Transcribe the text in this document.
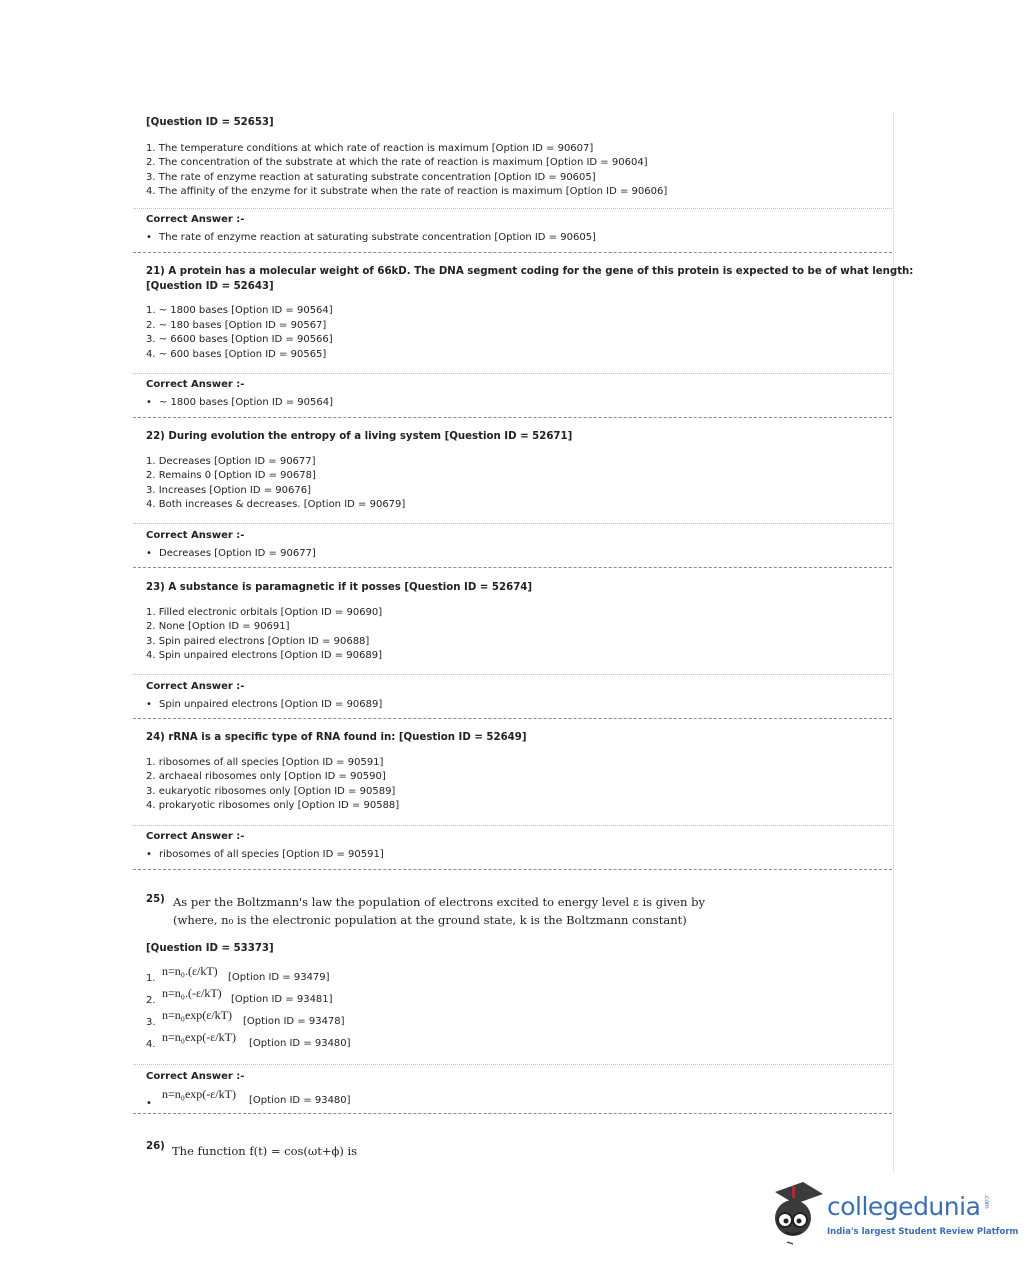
[Question ID = 52653]
1. The temperature conditions at which rate of reaction is maximum [Option ID = 90607]
2. The concentration of the substrate at which the rate of reaction is maximum [Option ID = 90604]
3. The rate of enzyme reaction at saturating substrate concentration [Option ID = 90605]
4. The affinity of the enzyme for it substrate when the rate of reaction is maximum [Option ID = 90606]
Correct Answer :-
• The rate of enzyme reaction at saturating substrate concentration [Option ID = 90605]
21) A protein has a molecular weight of 66kD. The DNA segment coding for the gene of this protein is expected to be of what length:
[Question ID = 52643]
1. ~ 1800 bases [Option ID = 90564]
2. ~ 180 bases [Option ID = 90567]
3. ~ 6600 bases [Option ID = 90566]
4. ~ 600 bases [Option ID = 90565]
Correct Answer :-
• ~ 1800 bases [Option ID = 90564]
22) During evolution the entropy of a living system [Question ID = 52671]
1. Decreases [Option ID = 90677]
2. Remains 0 [Option ID = 90678]
3. Increases [Option ID = 90676]
4. Both increases & decreases. [Option ID = 90679]
Correct Answer :-
• Decreases [Option ID = 90677]
23) A substance is paramagnetic if it posses [Question ID = 52674]
1. Filled electronic orbitals [Option ID = 90690]
2. None [Option ID = 90691]
3. Spin paired electrons [Option ID = 90688]
4. Spin unpaired electrons [Option ID = 90689]
Correct Answer :-
• Spin unpaired electrons [Option ID = 90689]
24) rRNA is a specific type of RNA found in: [Question ID = 52649]
1. ribosomes of all species [Option ID = 90591]
2. archaeal ribosomes only [Option ID = 90590]
3. eukaryotic ribosomes only [Option ID = 90589]
4. prokaryotic ribosomes only [Option ID = 90588]
Correct Answer :-
• ribosomes of all species [Option ID = 90591]
25) As per the Boltzmann's law the population of electrons excited to energy level ε is given by
(where, n₀ is the electronic population at the ground state, k is the Boltzmann constant)
[Question ID = 53373]
1.
n=n₀.(ε/kT) [Option ID = 93479]
2.
n=n₀.(-ε/kT) [Option ID = 93481]
3.
n=n₀exp(ε/kT) [Option ID = 93478]
4.
n=n₀exp(-ε/kT) [Option ID = 93480]
Correct Answer :-
•
n=n₀exp(-ε/kT) [Option ID = 93480]
26) The function f(t) = cos(ωt+ϕ) is
collegedunia .com
India's largest Student Review Platform
